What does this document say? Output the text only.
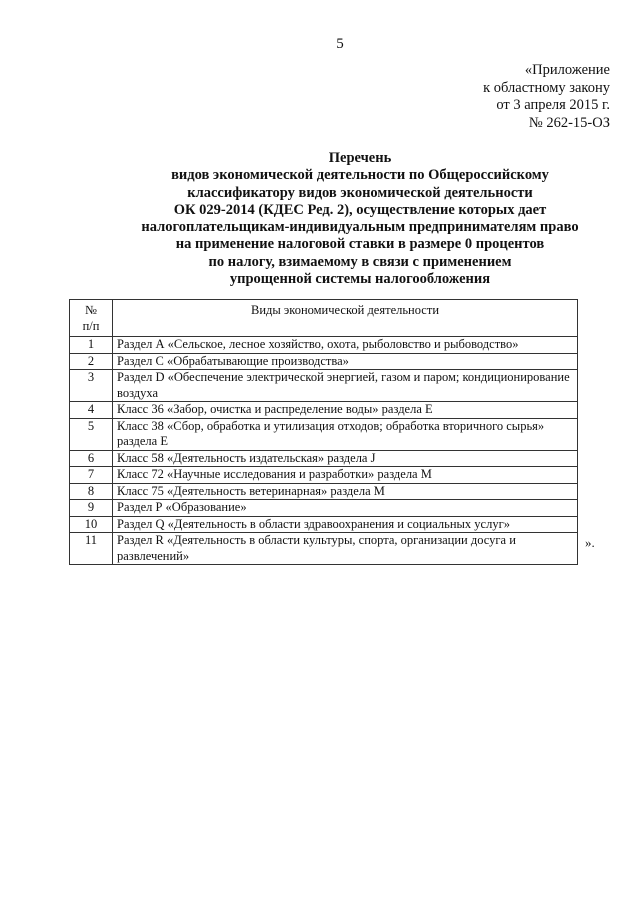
5
«Приложение
к областному закону
от 3 апреля 2015 г.
№ 262-15-ОЗ
Перечень
видов экономической деятельности по Общероссийскому
классификатору видов экономической деятельности
ОК 029-2014 (КДЕС Ред. 2), осуществление которых дает
налогоплательщикам-индивидуальным предпринимателям право
на применение налоговой ставки в размере 0 процентов
по налогу, взимаемому в связи с применением
упрощенной системы налогообложения
№
п/п	Виды экономической деятельности
1	Раздел А «Сельское, лесное хозяйство, охота, рыболовство и рыбоводство»
2	Раздел С «Обрабатывающие производства»
3	Раздел D «Обеспечение электрической энергией, газом и паром; кондиционирование воздуха
4	Класс 36 «Забор, очистка и распределение воды» раздела Е
5	Класс 38 «Сбор, обработка и утилизация отходов; обработка вторичного сырья» раздела Е
6	Класс 58 «Деятельность издательская» раздела J
7	Класс 72 «Научные исследования и разработки» раздела М
8	Класс 75 «Деятельность ветеринарная» раздела М
9	Раздел Р «Образование»
10	Раздел Q «Деятельность в области здравоохранения и социальных услуг»
11	Раздел R «Деятельность в области культуры, спорта, организации досуга и развлечений»
».
